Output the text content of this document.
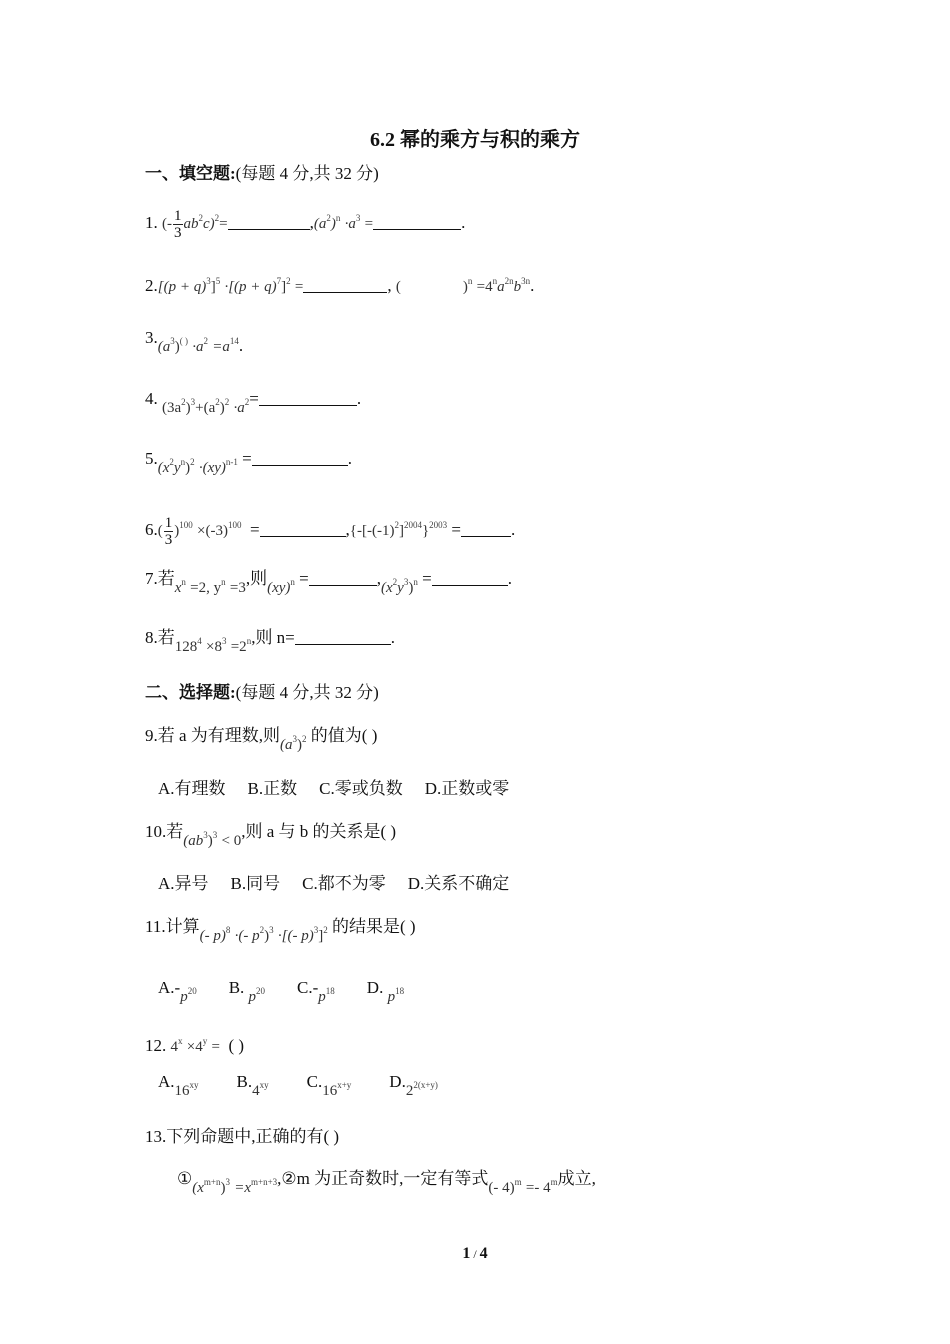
6.2 幂的乘方与积的乘方
一、填空题:(每题 4 分,共 32 分)
1. (- $\frac{1}{3} ab^2c)^2=$	$,(a^2)^n \cdot a^3$ =	.
$2.[(p + q)^3]^5 \cdot[(p + q)^7]^2$ =	, (	)$^n =4^na^{2n}b^{3n}$.
$3.(a^3)^{( )} \cdot a^2 =a^{14}$.
4. $(3a^2)^3+(a^2)^2 \cdot a^2=$	.
$5.(x^2y^n)^2 \cdot(xy)^{n-1}$ =	.
$6.( \frac{1}{3} )^{100} \times(-3)^{100}$ =	$,\{-[-(-1)^2]^{2004}\}^{2003}$ =	.
7.若$x^n =2$, $y^n =3$,则(xy)$^n$ =	$,(x^2y^3)^n$ =	.
8.若$128^4 \times 8^3 =2^n$,则 n=	.
二、选择题:(每题 4 分,共 32 分)
9.若 a 为有理数,则$(a^3)^2$ 的值为( )
A.有理数 B.正数 C.零或负数 D.正数或零
10.若$(ab^3)^3 < 0$,则 a 与 b 的关系是( )
A.异号 B.同号 C.都不为零 D.关系不确定
11.计算(- p)$^8$ ·(- $p^2)^3$ ·[(- p)$^3$]$^2$ 的结果是( )
$A.-p^{20}$ B. $p^{20}$ $C.-p^{18}$ D. $p^{18}$
12. $4^x \times 4^y$ = ( )
$A.16^{xy}$ $B.4^{xy}$ $C.16^{x+y}$ $D.2^{2(x+y)}$
13.下列命题中,正确的有( )
$①(x^{m+n})^3$ $=x^{m+n+3},②m$ 为正奇数时,一定有等式(- 4)$^m$ =- 4$^m$成立,
1 / 4
